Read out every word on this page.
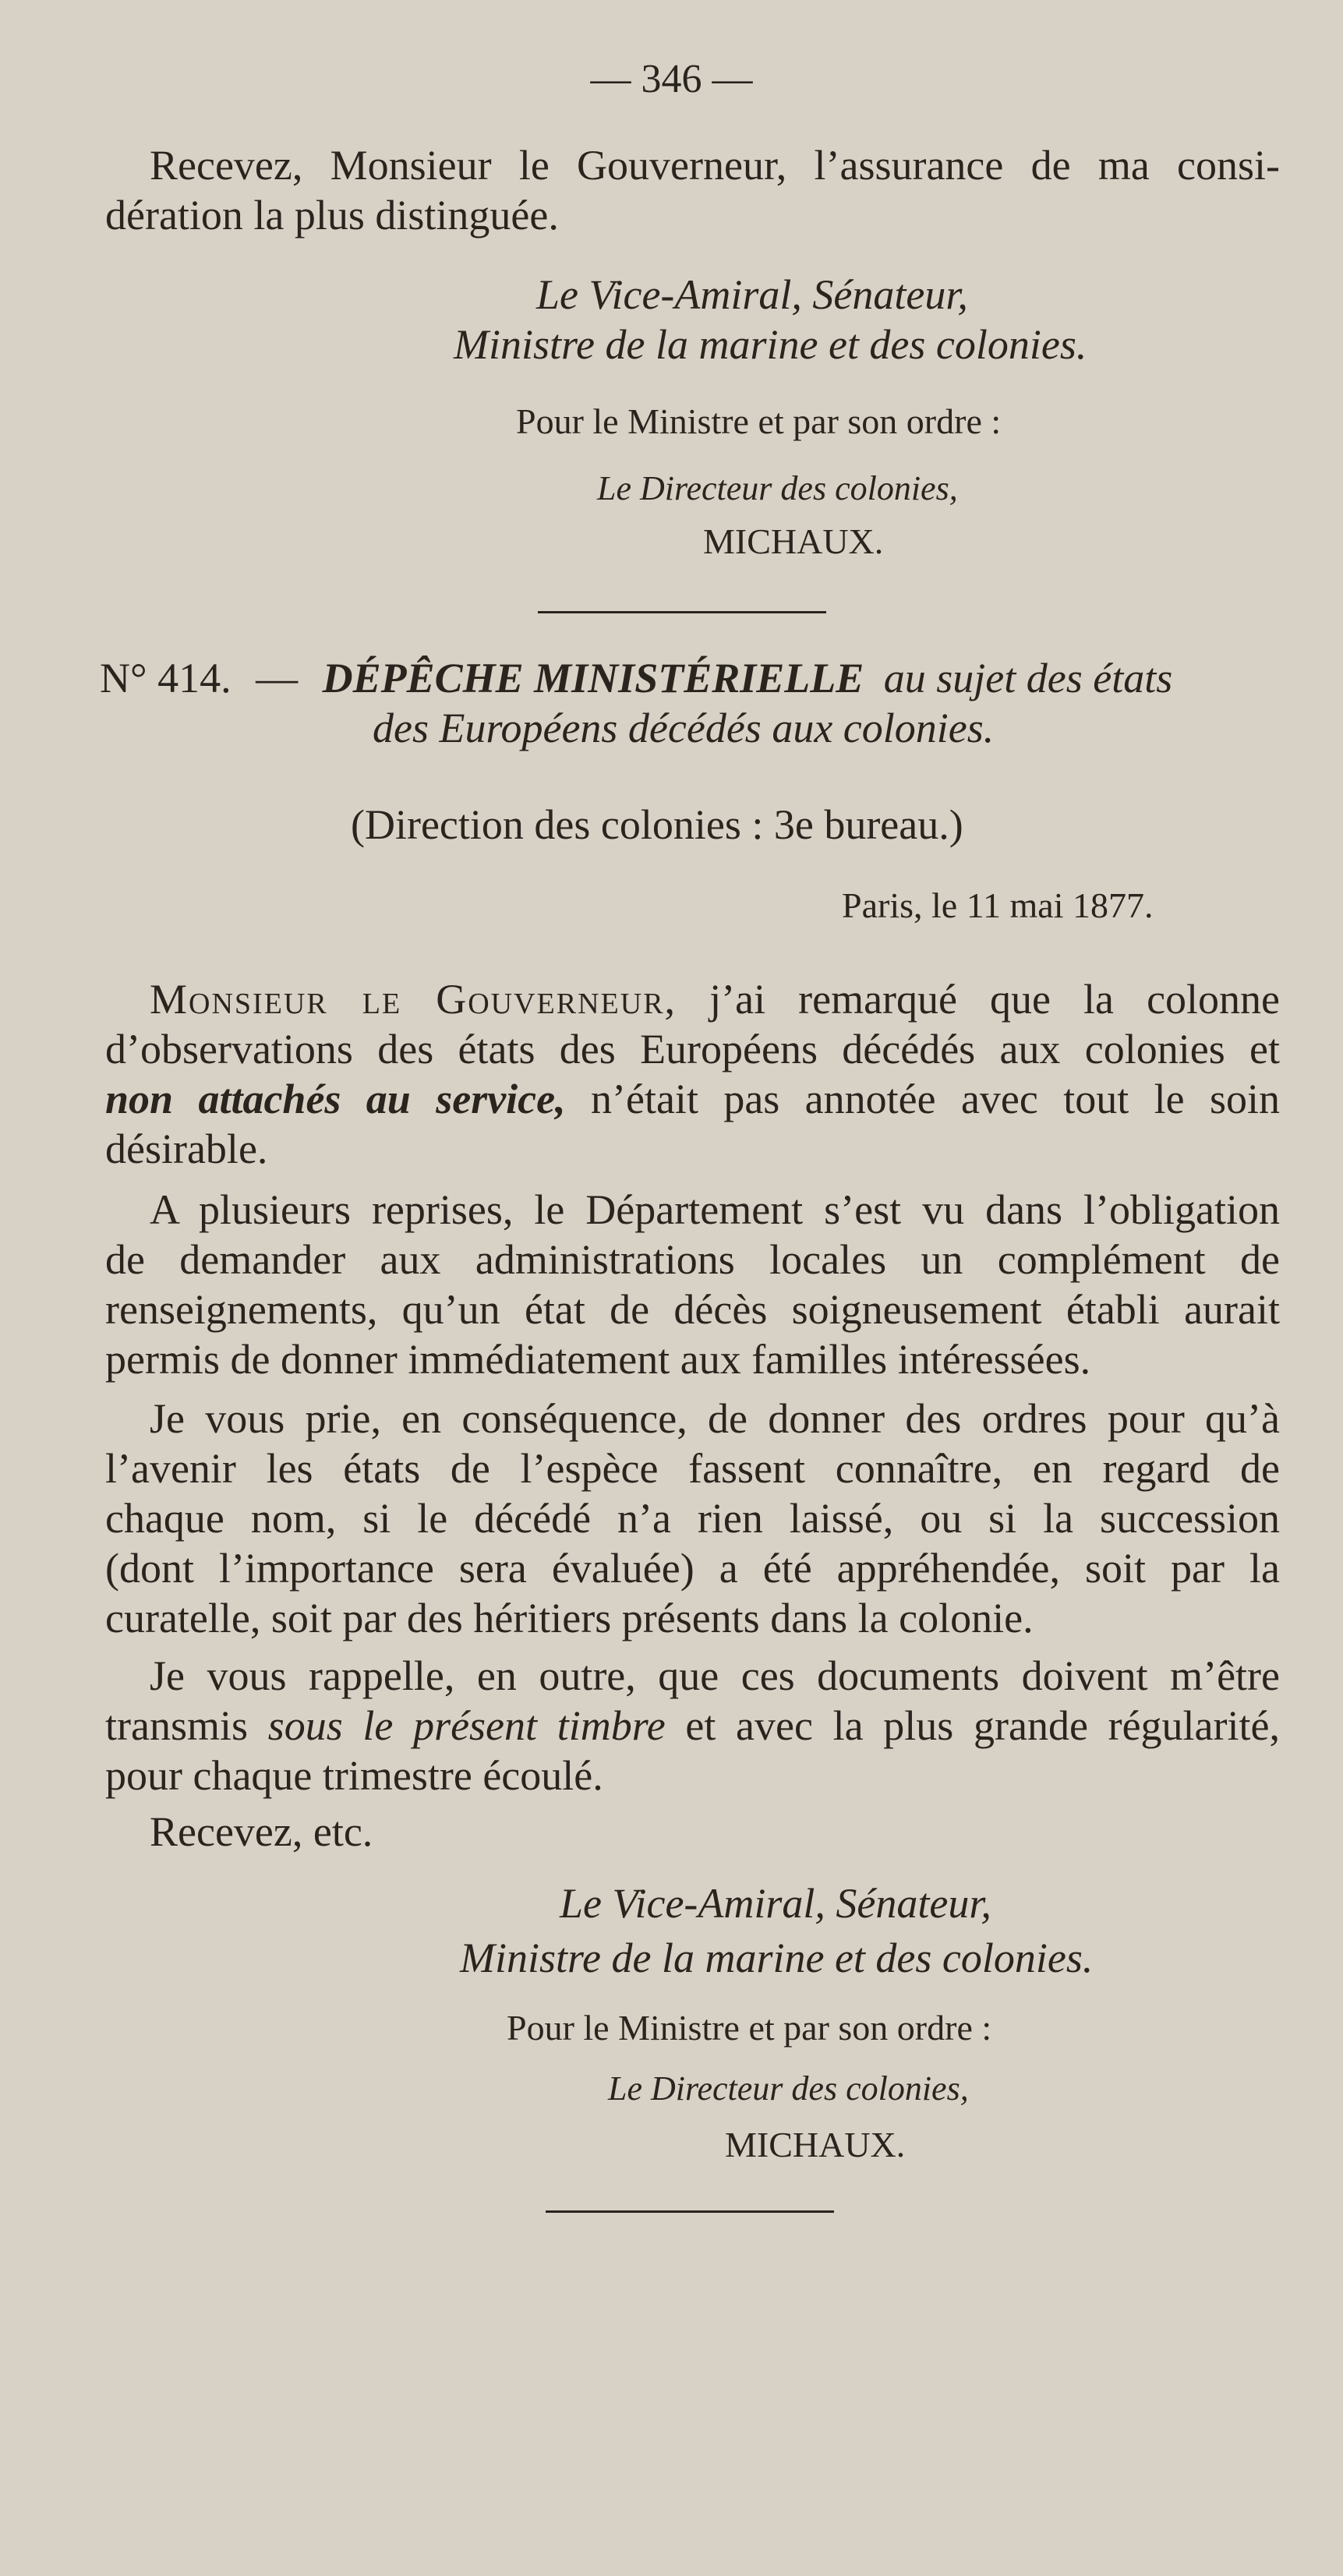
— 346 —
Recevez, Monsieur le Gouverneur, l’assurance de ma consi-
dération la plus distinguée.
Le Vice-Amiral, Sénateur,
Ministre de la marine et des colonies.
Pour le Ministre et par son ordre :
Le Directeur des colonies,
MICHAUX.
N° 414. — DÉPÊCHE MINISTÉRIELLE au sujet des états
des Européens décédés aux colonies.
(Direction des colonies : 3e bureau.)
Paris, le 11 mai 1877.
Monsieur le Gouverneur, j’ai remarqué que la colonne
d’observations des états des Européens décédés aux colonies et
non attachés au service, n’était pas annotée avec tout le soin
désirable.
A plusieurs reprises, le Département s’est vu dans l’obligation
de demander aux administrations locales un complément de
renseignements, qu’un état de décès soigneusement établi aurait
permis de donner immédiatement aux familles intéressées.
Je vous prie, en conséquence, de donner des ordres pour qu’à
l’avenir les états de l’espèce fassent connaître, en regard de
chaque nom, si le décédé n’a rien laissé, ou si la succession
(dont l’importance sera évaluée) a été appréhendée, soit par la
curatelle, soit par des héritiers présents dans la colonie.
Je vous rappelle, en outre, que ces documents doivent m’être
transmis sous le présent timbre et avec la plus grande régularité,
pour chaque trimestre écoulé.
Recevez, etc.
Le Vice-Amiral, Sénateur,
Ministre de la marine et des colonies.
Pour le Ministre et par son ordre :
Le Directeur des colonies,
MICHAUX.
